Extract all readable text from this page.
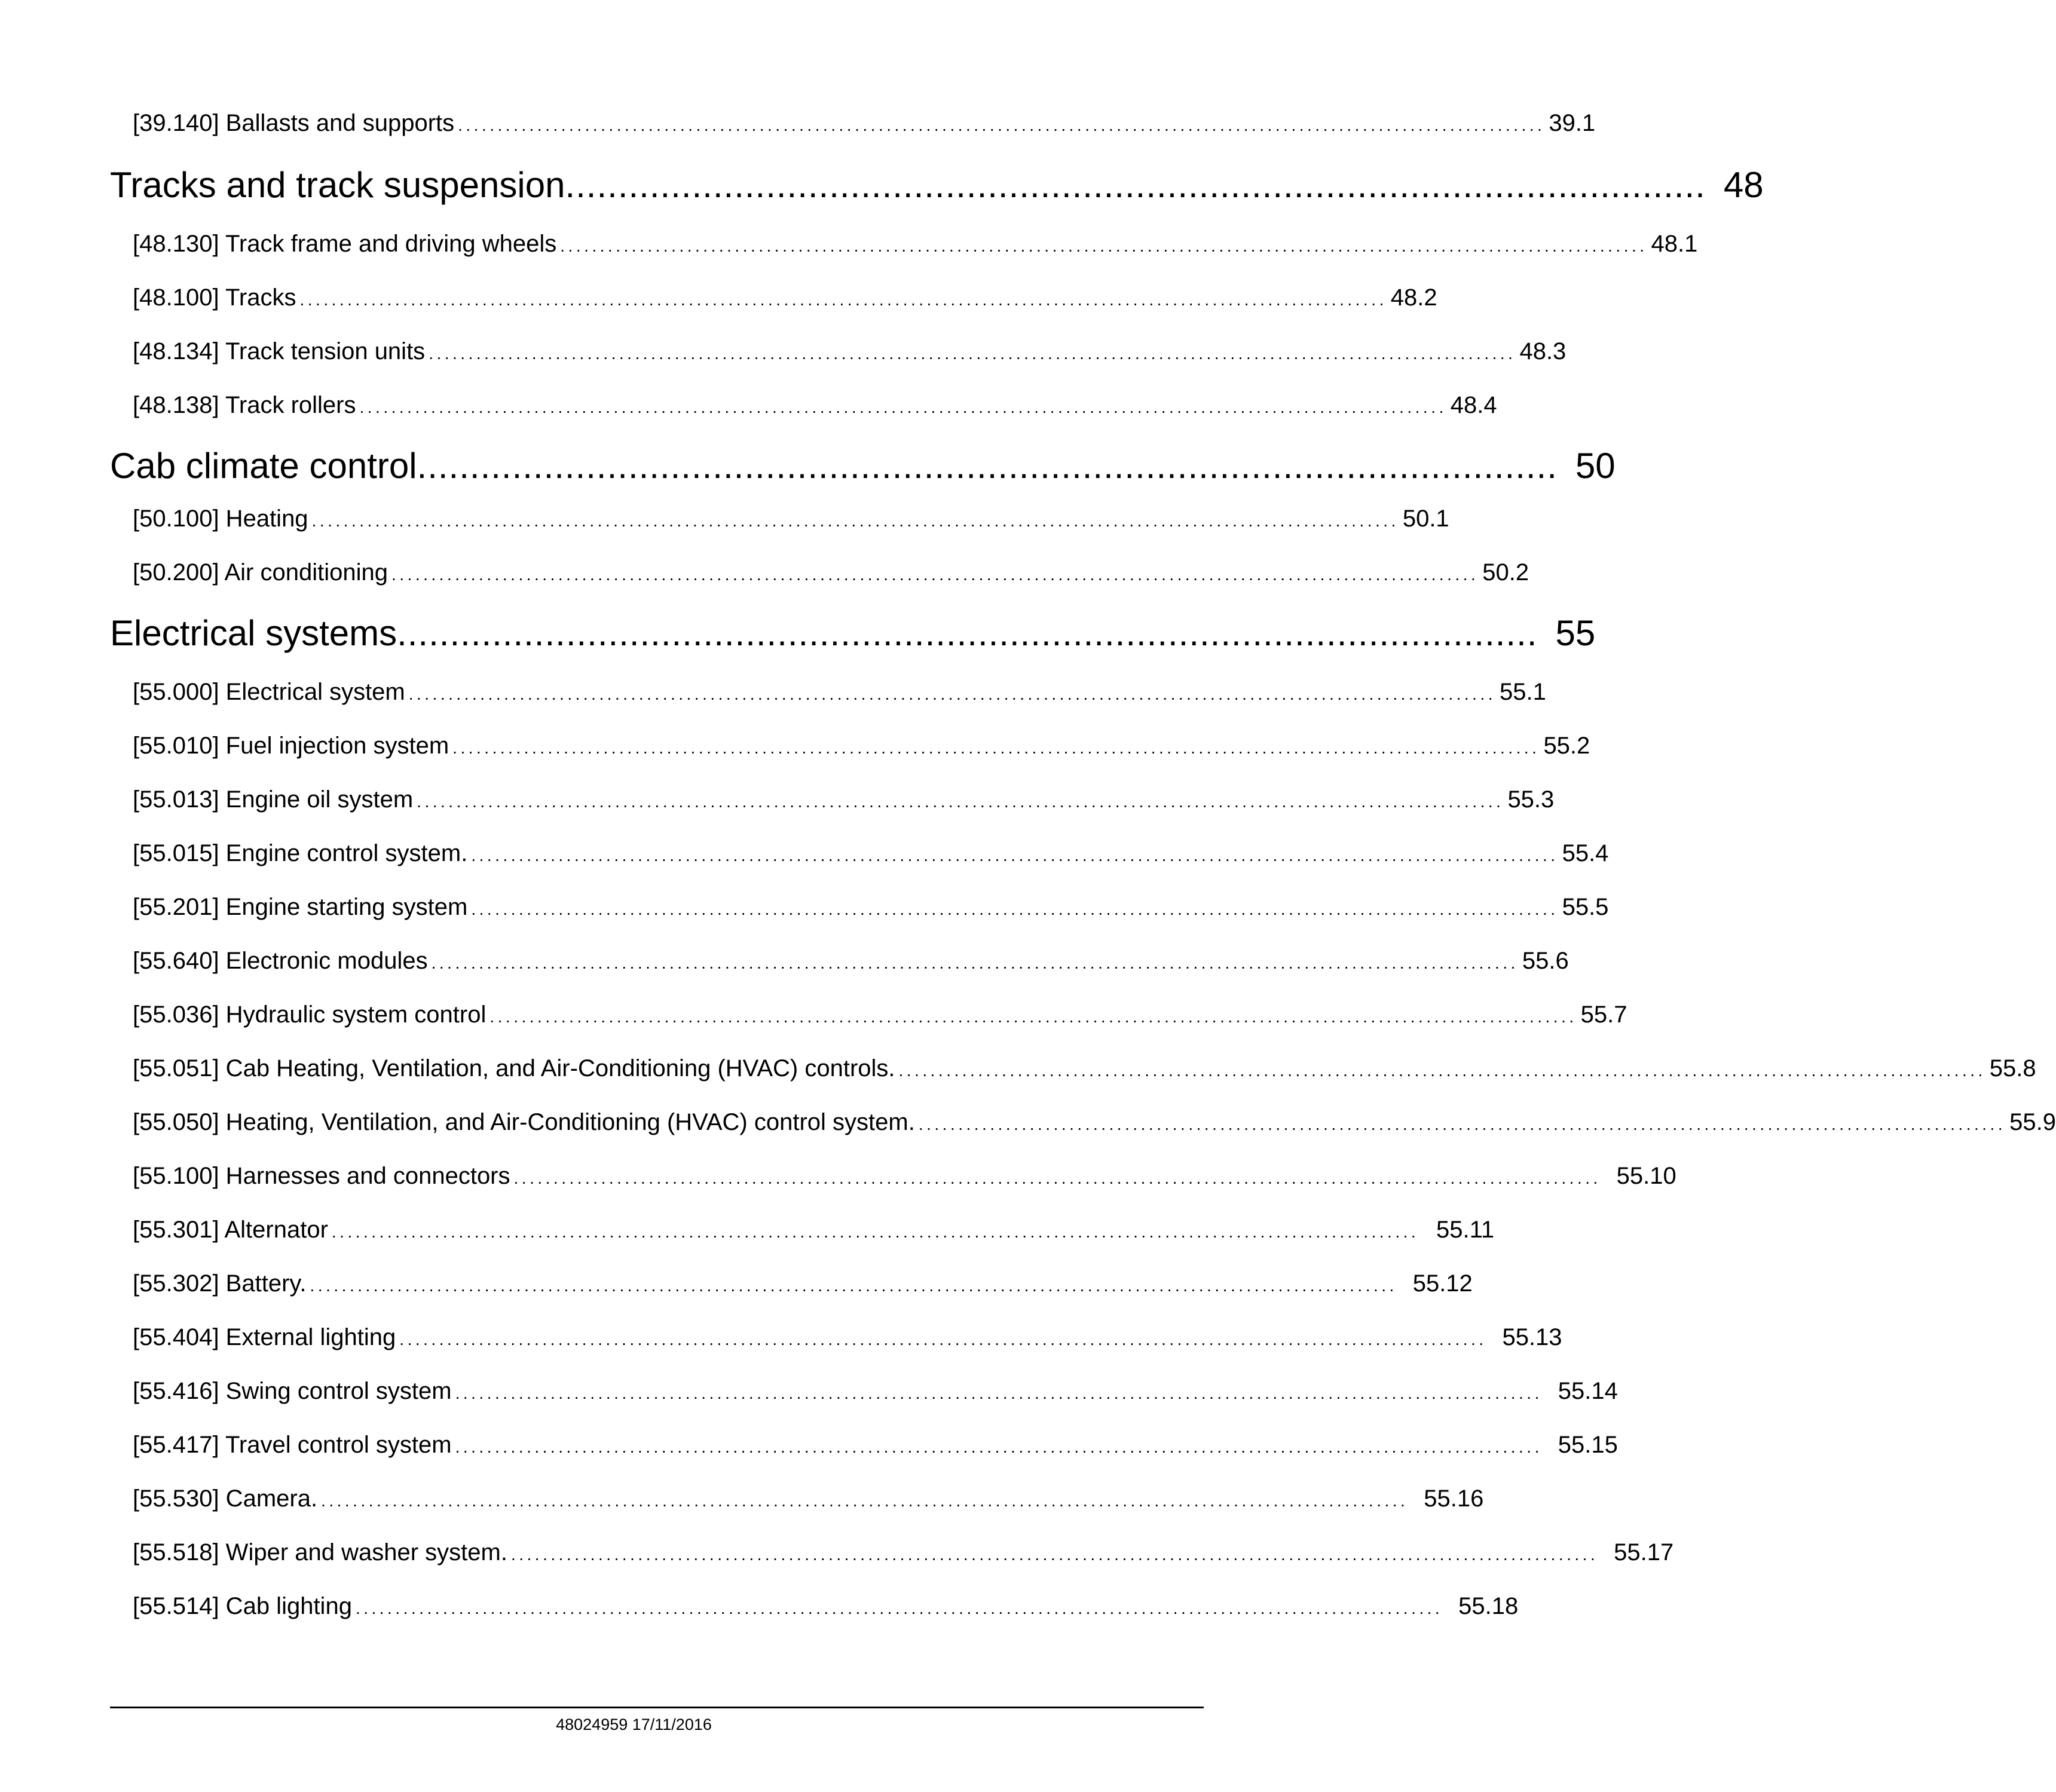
[39.140] Ballasts and supports ......................................................................................................................................... 39.1
Tracks and track suspension ............................................................................................................ 48
[48.130] Track frame and driving wheels ......................................................................................................................................... 48.1
[48.100] Tracks ......................................................................................................................................... 48.2
[48.134] Track tension units ......................................................................................................................................... 48.3
[48.138] Track rollers ......................................................................................................................................... 48.4
Cab climate control ............................................................................................................ 50
[50.100] Heating ......................................................................................................................................... 50.1
[50.200] Air conditioning ......................................................................................................................................... 50.2
Electrical systems ............................................................................................................ 55
[55.000] Electrical system ......................................................................................................................................... 55.1
[55.010] Fuel injection system ......................................................................................................................................... 55.2
[55.013] Engine oil system ......................................................................................................................................... 55.3
[55.015] Engine control system. ......................................................................................................................................... 55.4
[55.201] Engine starting system ......................................................................................................................................... 55.5
[55.640] Electronic modules ......................................................................................................................................... 55.6
[55.036] Hydraulic system control ......................................................................................................................................... 55.7
[55.051] Cab Heating, Ventilation, and Air-Conditioning (HVAC) controls. ......................................................................................................................................... 55.8
[55.050] Heating, Ventilation, and Air-Conditioning (HVAC) control system. ......................................................................................................................................... 55.9
[55.100] Harnesses and connectors ......................................................................................................................................... 55.10
[55.301] Alternator ......................................................................................................................................... 55.11
[55.302] Battery. ......................................................................................................................................... 55.12
[55.404] External lighting ......................................................................................................................................... 55.13
[55.416] Swing control system ......................................................................................................................................... 55.14
[55.417] Travel control system ......................................................................................................................................... 55.15
[55.530] Camera. ......................................................................................................................................... 55.16
[55.518] Wiper and washer system. ......................................................................................................................................... 55.17
[55.514] Cab lighting ......................................................................................................................................... 55.18
48024959 17/11/2016
